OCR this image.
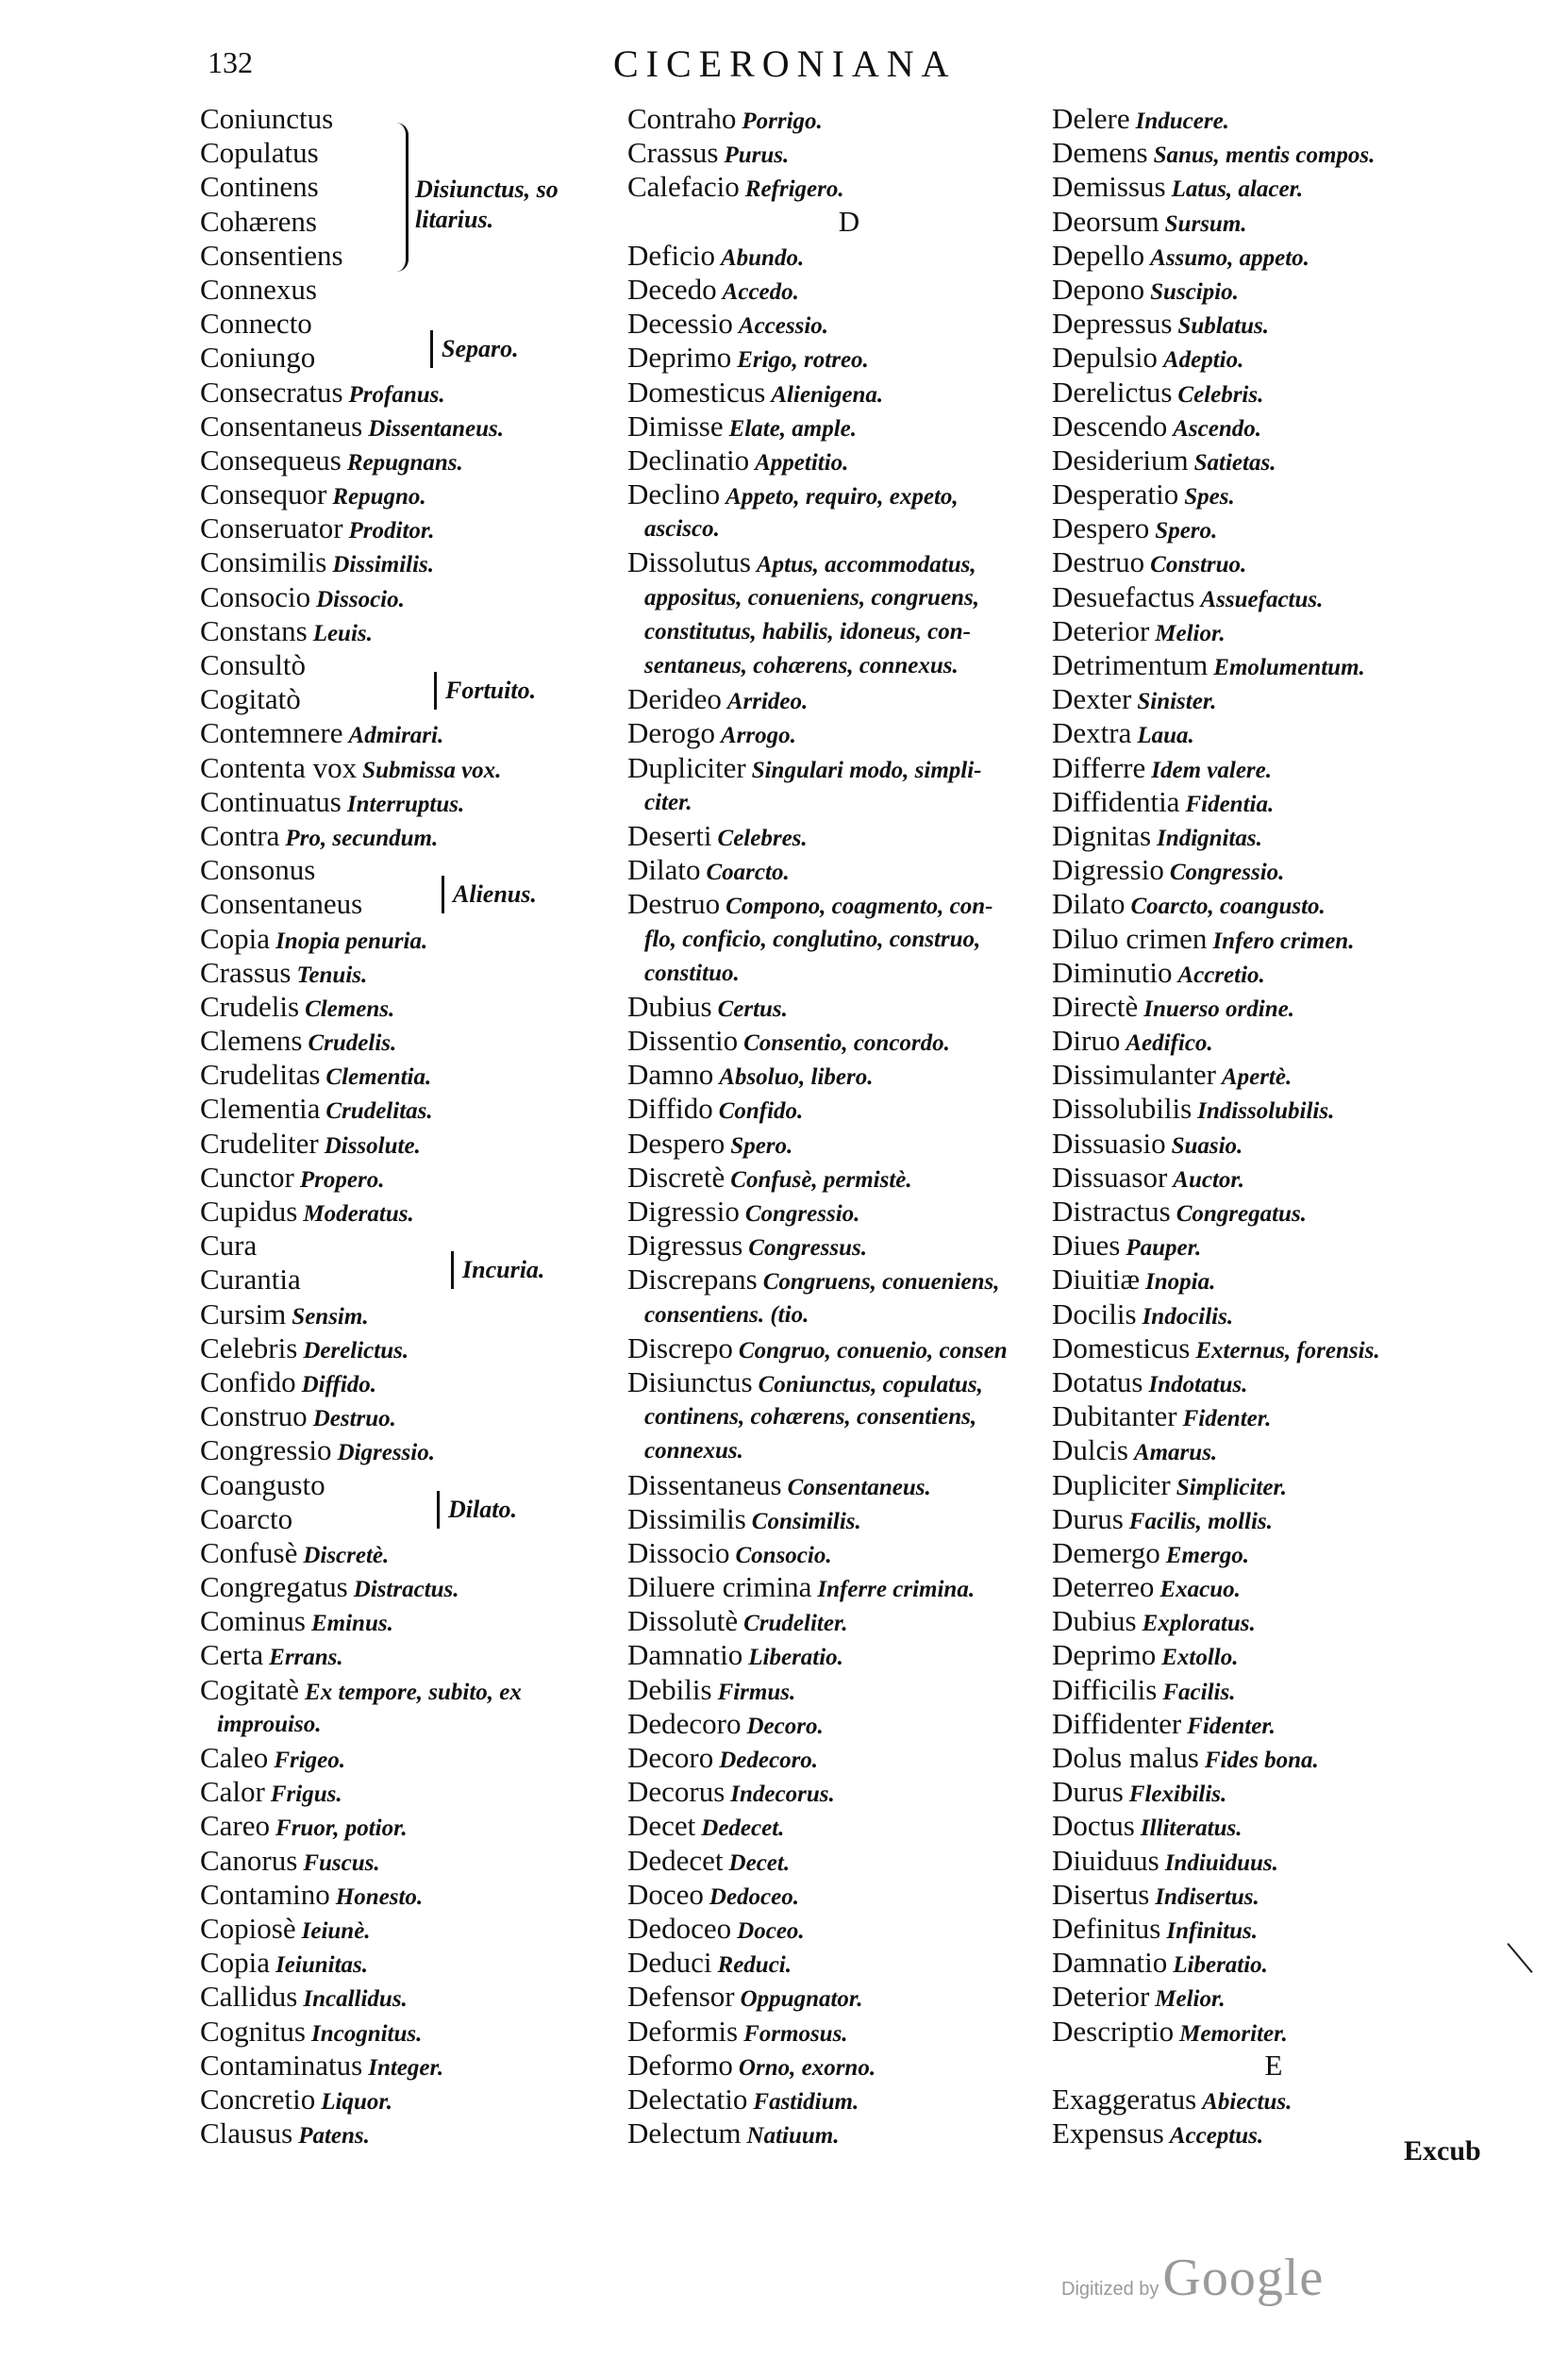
132	CICERONIANA
Coniunctus
Copulatus
Continens
Cohærens
Consentiens
Connexus
Connecto
Coniungo
Consecratus Profanus.
Consentaneus Dissentaneus.
Consequeus Repugnans.
Consequor Repugno.
Conseruator Proditor.
Consimilis Dissimilis.
Consocio Dissocio.
Constans Leuis.
Consultò
Cogitatò
Contemnere Admirari.
Contenta vox Submissa vox.
Continuatus Interruptus.
Contra Pro, secundum.
Consonus
Consentaneus
Copia Inopia penuria.
Crassus Tenuis.
Crudelis Clemens.
Clemens Crudelis.
Crudelitas Clementia.
Clementia Crudelitas.
Crudeliter Dissolute.
Cunctor Propero.
Cupidus Moderatus.
Cura
Curantia
Cursim Sensim.
Celebris Derelictus.
Confido Diffido.
Construo Destruo.
Congressio Digressio.
Coangusto
Coarcto
Confusè Discretè.
Congregatus Distractus.
Cominus Eminus.
Certa Errans.
Cogitatè Ex tempore, subito, ex
improuiso.
Caleo Frigeo.
Calor Frigus.
Careo Fruor, potior.
Canorus Fuscus.
Contamino Honesto.
Copiosè Ieiunè.
Copia Ieiunitas.
Callidus Incallidus.
Cognitus Incognitus.
Contaminatus Integer.
Concretio Liquor.
Clausus Patens.
Contraho Porrigo.
Crassus Purus.
Calefacio Refrigero.
D
Deficio Abundo.
Decedo Accedo.
Decessio Accessio.
Deprimo Erigo, rotreo.
Domesticus Alienigena.
Dimisse Elate, ample.
Declinatio Appetitio.
Declino Appeto, requiro, expeto,
ascisco.
Dissolutus Aptus, accommodatus,
appositus, conueniens, congruens,
constitutus, habilis, idoneus, con-
sentaneus, cohærens, connexus.
Derideo Arrideo.
Derogo Arrogo.
Dupliciter Singulari modo, simpli-
citer.
Deserti Celebres.
Dilato Coarcto.
Destruo Compono, coagmento, con-
flo, conficio, conglutino, construo,
constituo.
Dubius Certus.
Dissentio Consentio, concordo.
Damno Absoluo, libero.
Diffido Confido.
Despero Spero.
Discretè Confusè, permistè.
Digressio Congressio.
Digressus Congressus.
Discrepans Congruens, conueniens,
consentiens. (tio.
Discrepo Congruo, conuenio, consen
Disiunctus Coniunctus, copulatus,
continens, cohærens, consentiens,
connexus.
Dissentaneus Consentaneus.
Dissimilis Consimilis.
Dissocio Consocio.
Diluere crimina Inferre crimina.
Dissolutè Crudeliter.
Damnatio Liberatio.
Debilis Firmus.
Dedecoro Decoro.
Decoro Dedecoro.
Decorus Indecorus.
Decet Dedecet.
Dedecet Decet.
Doceo Dedoceo.
Dedoceo Doceo.
Deduci Reduci.
Defensor Oppugnator.
Deformis Formosus.
Deformo Orno, exorno.
Delectatio Fastidium.
Delectum Natiuum.
Delere Inducere.
Demens Sanus, mentis compos.
Demissus Latus, alacer.
Deorsum Sursum.
Depello Assumo, appeto.
Depono Suscipio.
Depressus Sublatus.
Depulsio Adeptio.
Derelictus Celebris.
Descendo Ascendo.
Desiderium Satietas.
Desperatio Spes.
Despero Spero.
Destruo Construo.
Desuefactus Assuefactus.
Deterior Melior.
Detrimentum Emolumentum.
Dexter Sinister.
Dextra Laua.
Differre Idem valere.
Diffidentia Fidentia.
Dignitas Indignitas.
Digressio Congressio.
Dilato Coarcto, coangusto.
Diluo crimen Infero crimen.
Diminutio Accretio.
Directè Inuerso ordine.
Diruo Aedifico.
Dissimulanter Apertè.
Dissolubilis Indissolubilis.
Dissuasio Suasio.
Dissuasor Auctor.
Distractus Congregatus.
Diues Pauper.
Diuitiæ Inopia.
Docilis Indocilis.
Domesticus Externus, forensis.
Dotatus Indotatus.
Dubitanter Fidenter.
Dulcis Amarus.
Dupliciter Simpliciter.
Durus Facilis, mollis.
Demergo Emergo.
Deterreo Exacuo.
Dubius Exploratus.
Deprimo Extollo.
Difficilis Facilis.
Diffidenter Fidenter.
Dolus malus Fides bona.
Durus Flexibilis.
Doctus Illiteratus.
Diuiduus Indiuiduus.
Disertus Indisertus.
Definitus Infinitus.
Damnatio Liberatio.
Deterior Melior.
Descriptio Memoriter.
E
Exaggeratus Abiectus.
Expensus Acceptus.
Disiunctus, so litarius.
Separo.
Fortuito.
Alienus.
Incuria.
Dilato.
Excub
Digitized by Google
